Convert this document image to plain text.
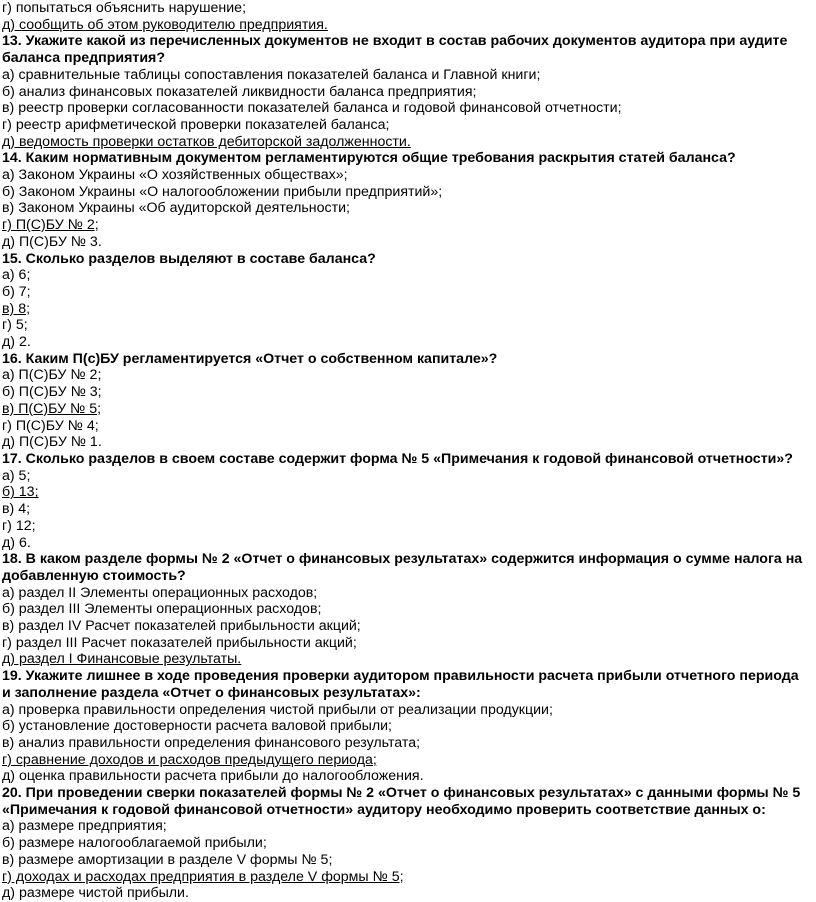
г) попытаться объяснить нарушение;

д) сообщить об этом руководителю предприятия.

13. Укажите какой из перечисленных документов не входит в состав рабочих документов аудитора при аудите

баланса предприятия?

а) сравнительные таблицы сопоставления показателей баланса и Главной книги;

б) анализ финансовых показателей ликвидности баланса предприятия;

в) реестр проверки согласованности показателей баланса и годовой финансовой отчетности;

г) реестр арифметической проверки показателей баланса;

д) ведомость проверки остатков дебиторской задолженности.

14. Каким нормативным документом регламентируются общие требования раскрытия статей баланса?

а) Законом Украины «О хозяйственных обществах»;

б) Законом Украины «О налогообложении прибыли предприятий»;

в) Законом Украины «Об аудиторской деятельности;

г) П(С)БУ № 2;

д) П(С)БУ № 3.

15. Сколько разделов выделяют в составе баланса?

а) 6;

б) 7;

в) 8;

г) 5;

д) 2.

16. Каким П(с)БУ регламентируется «Отчет о собственном капитале»?

а) П(С)БУ № 2;

б) П(С)БУ № 3;

в) П(С)БУ № 5;

г) П(С)БУ № 4;

д) П(С)БУ № 1.

17. Сколько разделов в своем составе содержит форма № 5 «Примечания к годовой финансовой отчетности»?

а) 5;

б) 13;

в) 4;

г) 12;

д) 6.

18. В каком разделе формы № 2 «Отчет о финансовых результатах» содержится информация о сумме налога на

добавленную стоимость?

а) раздел II Элементы операционных расходов;

б) раздел III Элементы операционных расходов;

в) раздел IV Расчет показателей прибыльности акций;

г) раздел III Расчет показателей прибыльности акций;

д) раздел I Финансовые результаты.

19. Укажите лишнее в ходе проведения проверки аудитором правильности расчета прибыли отчетного периода

и заполнение раздела «Отчет о финансовых результатах»:

а) проверка правильности определения чистой прибыли от реализации продукции;

б) установление достоверности расчета валовой прибыли;

в) анализ правильности определения финансового результата;

г) сравнение доходов и расходов предыдущего периода;

д) оценка правильности расчета прибыли до налогообложения.

20. При проведении сверки показателей формы № 2 «Отчет о финансовых результатах» с данными формы № 5

«Примечания к годовой финансовой отчетности» аудитору необходимо проверить соответствие данных о:

а) размере предприятия;

б) размере налогооблагаемой прибыли;

в) размере амортизации в разделе V формы № 5;

г) доходах и расходах предприятия в разделе V формы № 5;

д) размере чистой прибыли.
